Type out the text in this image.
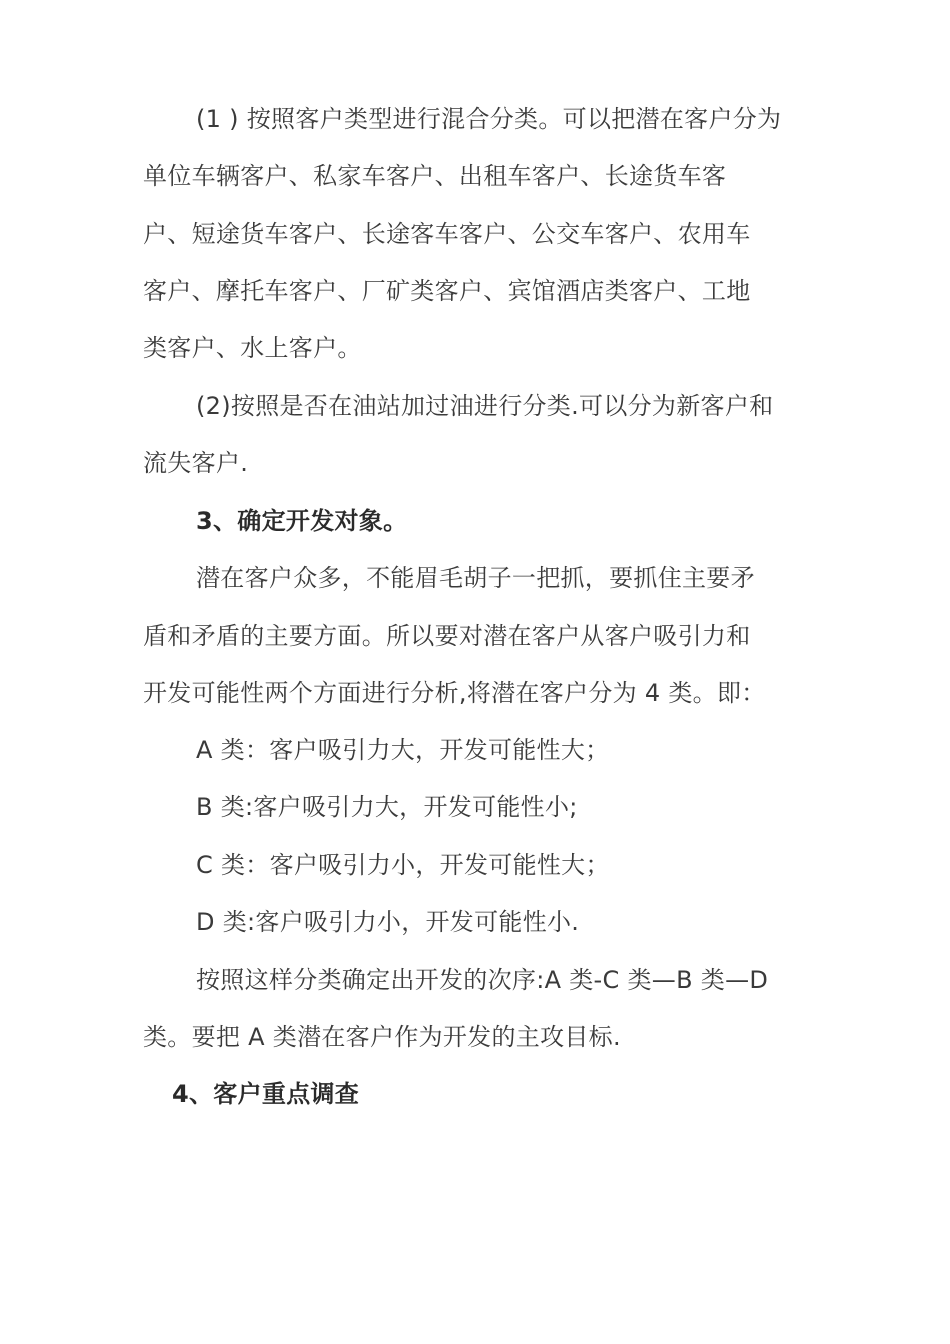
(1 ) 按照客户类型进行混合分类。可以把潜在客户分为
单位车辆客户、私家车客户、出租车客户、长途货车客
户、短途货车客户、长途客车客户、公交车客户、农用车
客户、摩托车客户、厂矿类客户、宾馆酒店类客户、工地
类客户、水上客户。
(2)按照是否在油站加过油进行分类.可以分为新客户和
流失客户.
3、确定开发对象。
潜在客户众多，不能眉毛胡子一把抓，要抓住主要矛
盾和矛盾的主要方面。所以要对潜在客户从客户吸引力和
开发可能性两个方面进行分析,将潜在客户分为 4 类。即：
A 类：客户吸引力大，开发可能性大；
B 类:客户吸引力大，开发可能性小;
C 类：客户吸引力小，开发可能性大；
D 类:客户吸引力小，开发可能性小.
按照这样分类确定出开发的次序:A 类-C 类—B 类—D
类。要把 A 类潜在客户作为开发的主攻目标.
4、客户重点调查
